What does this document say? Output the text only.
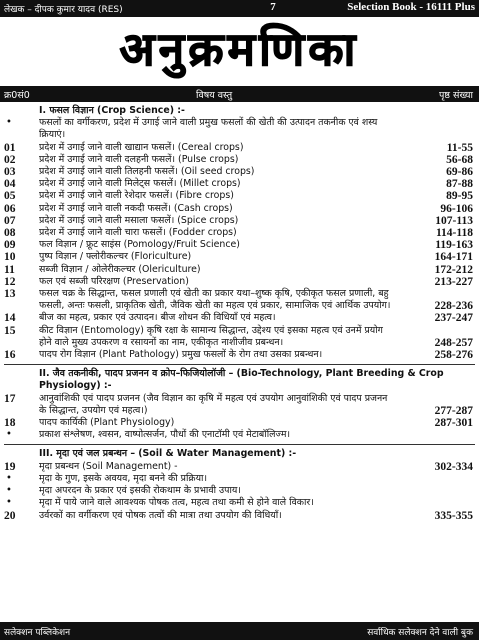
लेखक – दीपक कुमार यादव (RES)	7	Selection Book - 16111 Plus
अनुक्रमणिका
क्र0सं0	विषय वस्तु	पृष्ठ संख्या
I. फसल विज्ञान (Crop Science) :-
•	फसलों का वर्गीकरण, प्रदेश में उगाई जाने वाली प्रमुख फसलों की खेती की उत्पादन तकनीक एवं शस्य क्रियाएं।
01	प्रदेश में उगाई जाने वाली खाद्यान फसलें। (Cereal crops)	11-55
02	प्रदेश में उगाई जाने वाली दलहनी फसलें। (Pulse crops)	56-68
03	प्रदेश में उगाई जाने वाली तिलहनी फसलें। (Oil seed crops)	69-86
04	प्रदेश में उगाई जाने वाली मिलेट्स फसलें। (Millet crops)	87-88
05	प्रदेश में उगाई जाने वाली रेशेदार फसलें। (Fibre crops)	89-95
06	प्रदेश में उगाई जाने वाली नकदी फसलें। (Cash crops)	96-106
07	प्रदेश में उगाई जाने वाली मसाला फसलें। (Spice crops)	107-113
08	प्रदेश में उगाई जाने वाली चारा फसलें। (Fodder crops)	114-118
09	फल विज्ञान / फ्रूट साइंस (Pomology/Fruit Science)	119-163
10	पुष्प विज्ञान / फ्लोरीकल्चर (Floriculture)	164-171
11	सब्जी विज्ञान / ओलेरीकल्चर (Olericulture)	172-212
12	फल एवं सब्जी परिरक्षण (Preservation)	213-227
13	फसल चक्र के सिद्धान्त, फसल प्रणाली एवं खेती का प्रकार यथा–शुष्क कृषि, एकीकृत फसल प्रणाली, बहु फसली, अन्तः फसली, प्राकृतिक खेती, जैविक खेती का महत्व एवं प्रकार, सामाजिक एवं आर्थिक उपयोग।	228-236
14	बीज का महत्व, प्रकार एवं उत्पादन। बीज शोधन की विधियाँ एवं महत्व।	237-247
15	कीट विज्ञान (Entomology) कृषि रक्षा के सामान्य सिद्धान्त, उद्देश्य एवं इसका महत्व एवं उनमें प्रयोग होने वाले मुख्य उपकरण व रसायनों का नाम, एकीकृत नाशीजीव प्रबन्धन।	248-257
16	पादप रोग विज्ञान (Plant Pathology) प्रमुख फसलों के रोग तथा उसका प्रबन्धन।	258-276
II. जैव तकनीकी, पादप प्रजनन व क्रोप–फिजियोलॉजी – (Bio-Technology, Plant Breeding & Crop Physiology) :-
17	आनुवांशिकी एवं पादप प्रजनन (जैव विज्ञान का कृषि में महत्व एवं उपयोग आनुवांशिकी एवं पादप प्रजनन के सिद्धान्त, उपयोग एवं महत्व।)	277-287
18	पादप कार्यिकी (Plant Physiology)	287-301
•	प्रकाश संश्लेषण, श्वसन, वाष्पोत्सर्जन, पौधों की एनाटॉमी एवं मेटाबॉलिज्म।
III. मृदा एवं जल प्रबन्धन – (Soil & Water Management) :-
19	मृदा प्रबन्धन (Soil Management) -	302-334
•	मृदा के गुण, इसके अवयव, मृदा बनने की प्रक्रिया।
•	मृदा अपरदन के प्रकार एवं इसकी रोकथाम के प्रभावी उपाय।
•	मृदा में पाये जाने वाले आवश्यक पोषक तत्व, महत्व तथा कमी से होने वाले विकार।
20	उर्वरकों का वर्गीकरण एवं पोषक तत्वों की मात्रा तथा उपयोग की विधियाँ।	335-355
सलेक्शन पब्लिकेशन	सर्वाधिक सलेक्शन देने वाली बुक
